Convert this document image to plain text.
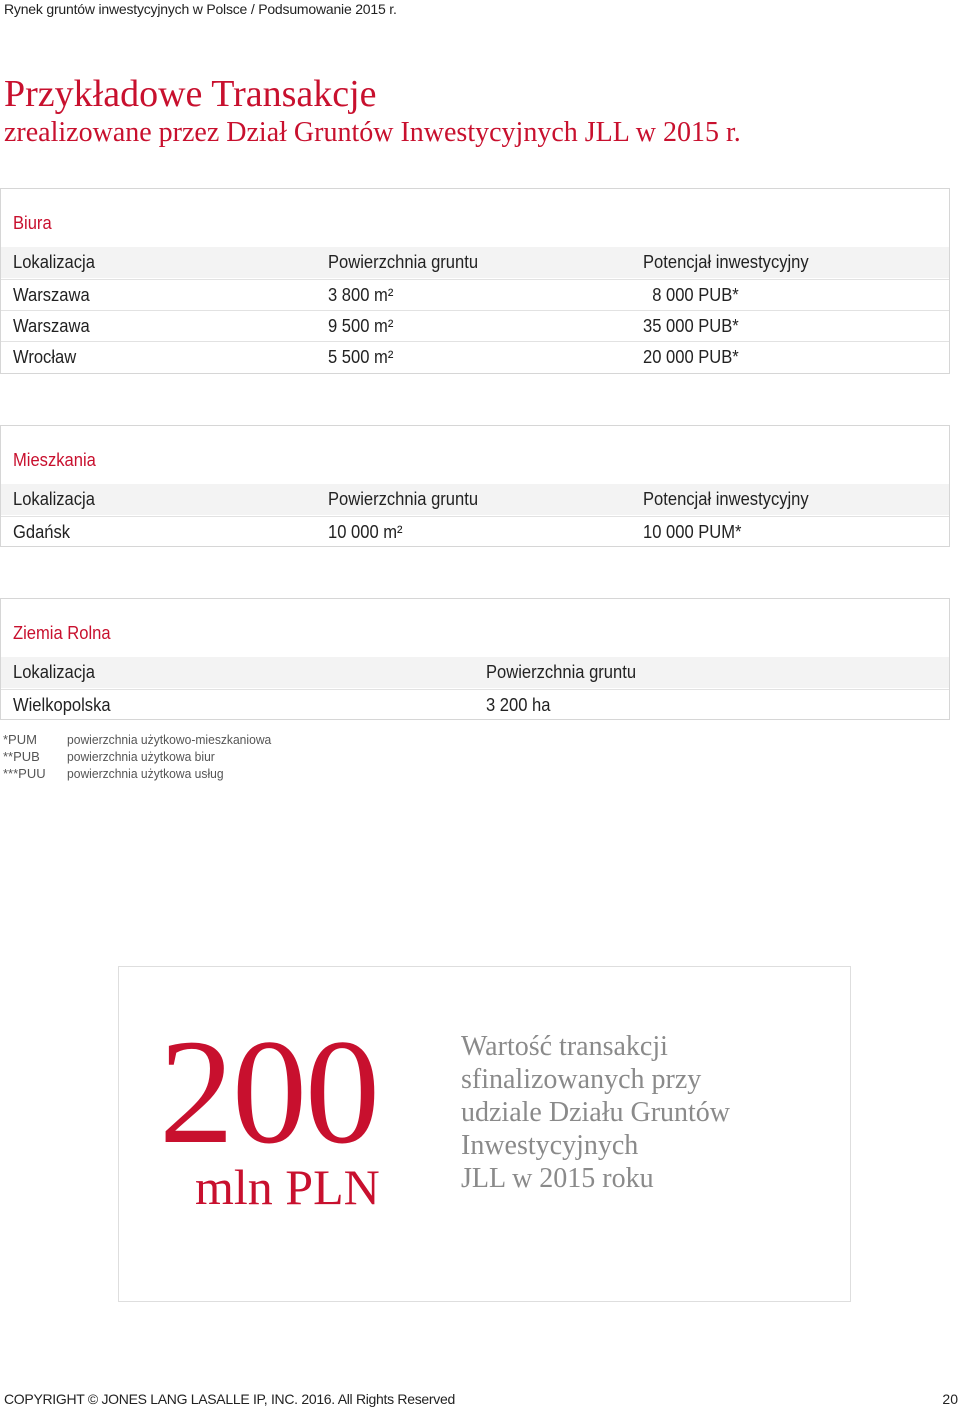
Rynek gruntów inwestycyjnych w Polsce / Podsumowanie 2015 r.
Przykładowe Transakcje
zrealizowane przez Dział Gruntów Inwestycyjnych JLL w 2015 r.
Biura
Lokalizacja	Powierzchnia gruntu	Potencjał inwestycyjny
Warszawa	3 800 m²	8 000 PUB*
Warszawa	9 500 m²	35 000 PUB*
Wrocław	5 500 m²	20 000 PUB*
Mieszkania
Lokalizacja	Powierzchnia gruntu	Potencjał inwestycyjny
Gdańsk	10 000 m²	10 000 PUM*
Ziemia Rolna
Lokalizacja	Powierzchnia gruntu
Wielkopolska	3 200 ha
*PUM	powierzchnia użytkowo-mieszkaniowa
**PUB	powierzchnia użytkowa biur
***PUU	powierzchnia użytkowa usług
200
mln PLN
Wartość transakcji
sfinalizowanych przy
udziale Działu Gruntów
Inwestycyjnych
JLL w 2015 roku
COPYRIGHT © JONES LANG LASALLE IP, INC. 2016. All Rights Reserved	20
